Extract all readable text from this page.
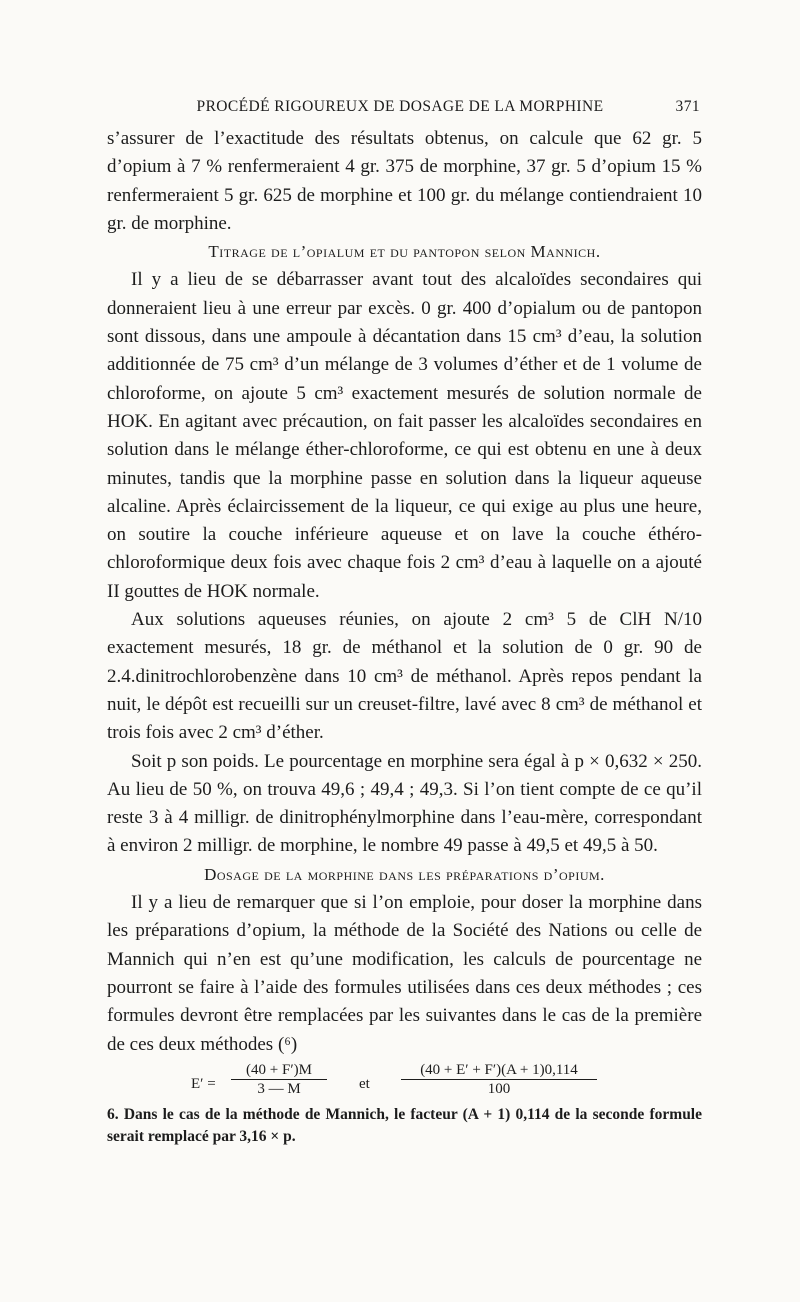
PROCÉDÉ RIGOUREUX DE DOSAGE DE LA MORPHINE	371

s’assurer de l’exactitude des résultats obtenus, on calcule que 62 gr. 5 d’opium à 7 % renfermeraient 4 gr. 375 de morphine, 37 gr. 5 d’opium 15 % renfermeraient 5 gr. 625 de morphine et 100 gr. du mélange contiendraient 10 gr. de morphine.

Titrage de l’opialum et du pantopon selon Mannich.

Il y a lieu de se débarrasser avant tout des alcaloïdes secondaires qui donneraient lieu à une erreur par excès. 0 gr. 400 d’opialum ou de pantopon sont dissous, dans une ampoule à décantation dans 15 cm³ d’eau, la solution additionnée de 75 cm³ d’un mélange de 3 volumes d’éther et de 1 volume de chloroforme, on ajoute 5 cm³ exactement mesurés de solution normale de HOK. En agitant avec précaution, on fait passer les alcaloïdes secondaires en solution dans le mélange éther-chloroforme, ce qui est obtenu en une à deux minutes, tandis que la morphine passe en solution dans la liqueur aqueuse alcaline. Après éclaircissement de la liqueur, ce qui exige au plus une heure, on soutire la couche inférieure aqueuse et on lave la couche éthéro-chloroformique deux fois avec chaque fois 2 cm³ d’eau à laquelle on a ajouté II gouttes de HOK normale.

Aux solutions aqueuses réunies, on ajoute 2 cm³ 5 de ClH N/10 exactement mesurés, 18 gr. de méthanol et la solution de 0 gr. 90 de 2.4.dinitrochlorobenzène dans 10 cm³ de méthanol. Après repos pendant la nuit, le dépôt est recueilli sur un creuset-filtre, lavé avec 8 cm³ de méthanol et trois fois avec 2 cm³ d’éther.

Soit p son poids. Le pourcentage en morphine sera égal à p × 0,632 × 250. Au lieu de 50 %, on trouva 49,6 ; 49,4 ; 49,3. Si l’on tient compte de ce qu’il reste 3 à 4 milligr. de dinitrophénylmorphine dans l’eau-mère, correspondant à environ 2 milligr. de morphine, le nombre 49 passe à 49,5 et 49,5 à 50.

Dosage de la morphine dans les préparations d’opium.

Il y a lieu de remarquer que si l’on emploie, pour doser la morphine dans les préparations d’opium, la méthode de la Société des Nations ou celle de Mannich qui n’en est qu’une modification, les calculs de pourcentage ne pourront se faire à l’aide des formules utilisées dans ces deux méthodes ; ces formules devront être remplacées par les suivantes dans le cas de la première de ces deux méthodes (⁶)

$E' = \frac{(40 + F')M}{3 — M}$ et $\frac{(40 + E' + F')(A + 1)0,114}{100}$
6. Dans le cas de la méthode de Mannich, le facteur (A + 1) 0,114 de la seconde formule serait remplacé par 3,16 × p.
